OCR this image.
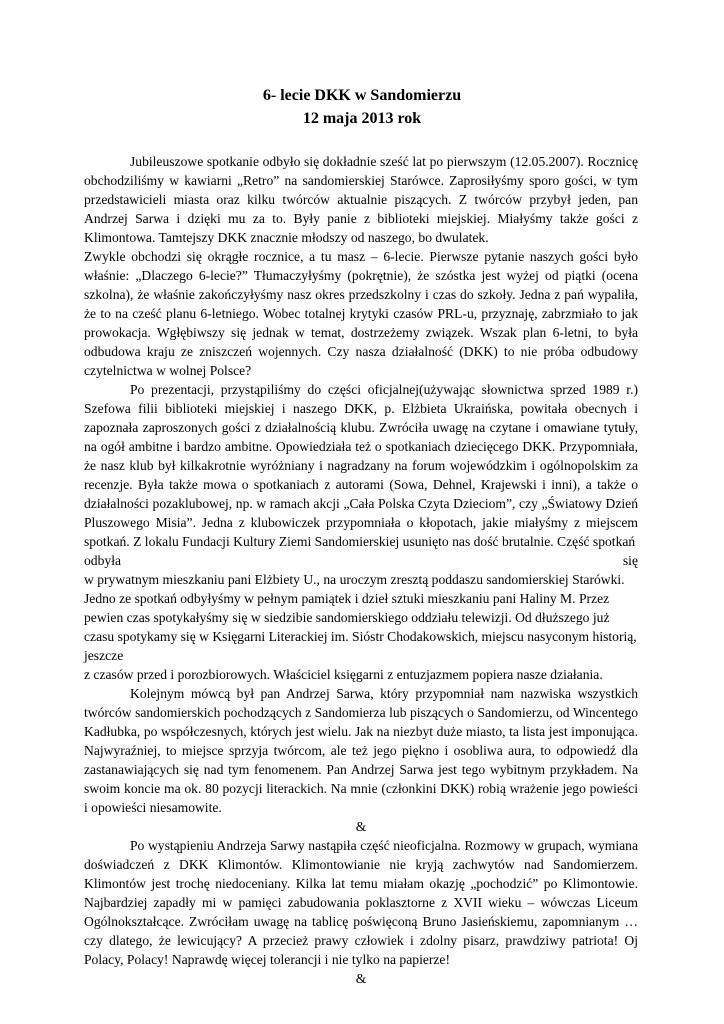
6- lecie DKK w Sandomierzu

12 maja 2013 rok

Jubileuszowe spotkanie odbyło się dokładnie sześć lat po pierwszym (12.05.2007). Rocznicę obchodziliśmy w kawiarni „Retro” na sandomierskiej Starówce. Zaprosiłyśmy sporo gości, w tym przedstawicieli miasta oraz kilku twórców aktualnie piszących. Z twórców przybył jeden, pan Andrzej Sarwa i dzięki mu za to. Były panie z biblioteki miejskiej. Miałyśmy także gości z Klimontowa. Tamtejszy DKK znacznie młodszy od naszego, bo dwulatek.

Zwykle obchodzi się okrągłe rocznice, a tu masz – 6-lecie. Pierwsze pytanie naszych gości było właśnie: „Dlaczego 6-lecie?” Tłumaczyłyśmy (pokrętnie), że szóstka jest wyżej od piątki (ocena szkolna), że właśnie zakończyłyśmy nasz okres przedszkolny i czas do szkoły. Jedna z pań wypaliła, że to na cześć planu 6-letniego. Wobec totalnej krytyki czasów PRL-u, przyznaję, zabrzmiało to jak prowokacja. Wgłębiwszy się jednak w temat, dostrzeżemy związek. Wszak plan 6-letni, to była odbudowa kraju ze zniszczeń wojennych. Czy nasza działalność (DKK) to nie próba odbudowy czytelnictwa w wolnej Polsce?

Po prezentacji, przystąpiliśmy do części oficjalnej(używając słownictwa sprzed 1989 r.) Szefowa filii biblioteki miejskiej i naszego DKK, p. Elżbieta Ukraińska, powitała obecnych i zapoznała zaproszonych gości z działalnością klubu. Zwróciła uwagę na czytane i omawiane tytuły, na ogół ambitne i bardzo ambitne. Opowiedziała też o spotkaniach dziecięcego DKK. Przypomniała, że nasz klub był kilkakrotnie wyróżniany i nagradzany na forum wojewódzkim i ogólnopolskim za recenzje. Była także mowa o spotkaniach z autorami (Sowa, Dehnel, Krajewski i inni), a także o działalności pozaklubowej, np. w ramach akcji „Cała Polska Czyta Dzieciom”, czy „Światowy Dzień Pluszowego Misia”. Jedna z klubowiczek przypomniała o kłopotach, jakie miałyśmy z miejscem spotkań. Z lokalu Fundacji Kultury Ziemi Sandomierskiej usunięto nas dość brutalnie. Część spotkań

odbyła	się

w prywatnym mieszkaniu pani Elżbiety U., na uroczym zresztą poddaszu sandomierskiej Starówki. Jedno ze spotkań odbyłyśmy w pełnym pamiątek i dzieł sztuki mieszkaniu pani Haliny M. Przez pewien czas spotykałyśmy się w siedzibie sandomierskiego oddziału telewizji. Od dłuższego już czasu spotykamy się w Księgarni Literackiej im. Sióstr Chodakowskich, miejscu nasyconym historią, jeszcze

z czasów przed i porozbiorowych. Właściciel księgarni z entuzjazmem popiera nasze działania.

Kolejnym mówcą był pan Andrzej Sarwa, który przypomniał nam nazwiska wszystkich twórców sandomierskich pochodzących z Sandomierza lub piszących o Sandomierzu, od Wincentego Kadłubka, po współczesnych, których jest wielu. Jak na niezbyt duże miasto, ta lista jest imponująca. Najwyraźniej, to miejsce sprzyja twórcom, ale też jego piękno i osobliwa aura, to odpowiedź dla zastanawiających się nad tym fenomenem. Pan Andrzej Sarwa jest tego wybitnym przykładem. Na swoim koncie ma ok. 80 pozycji literackich. Na mnie (członkini DKK) robią wrażenie jego powieści i opowieści niesamowite.

&

Po wystąpieniu Andrzeja Sarwy nastąpiła część nieoficjalna. Rozmowy w grupach, wymiana doświadczeń z DKK Klimontów. Klimontowianie nie kryją zachwytów nad Sandomierzem. Klimontów jest trochę niedoceniany. Kilka lat temu miałam okazję „pochodzić” po Klimontowie. Najbardziej zapadły mi w pamięci zabudowania poklasztorne z XVII wieku – wówczas Liceum Ogólnokształcące. Zwróciłam uwagę na tablicę poświęconą Bruno Jasieńskiemu, zapomnianym … czy dlatego, że lewicujący? A przecież prawy człowiek i zdolny pisarz, prawdziwy patriota! Oj Polacy, Polacy! Naprawdę więcej tolerancji i nie tylko na papierze!

&
